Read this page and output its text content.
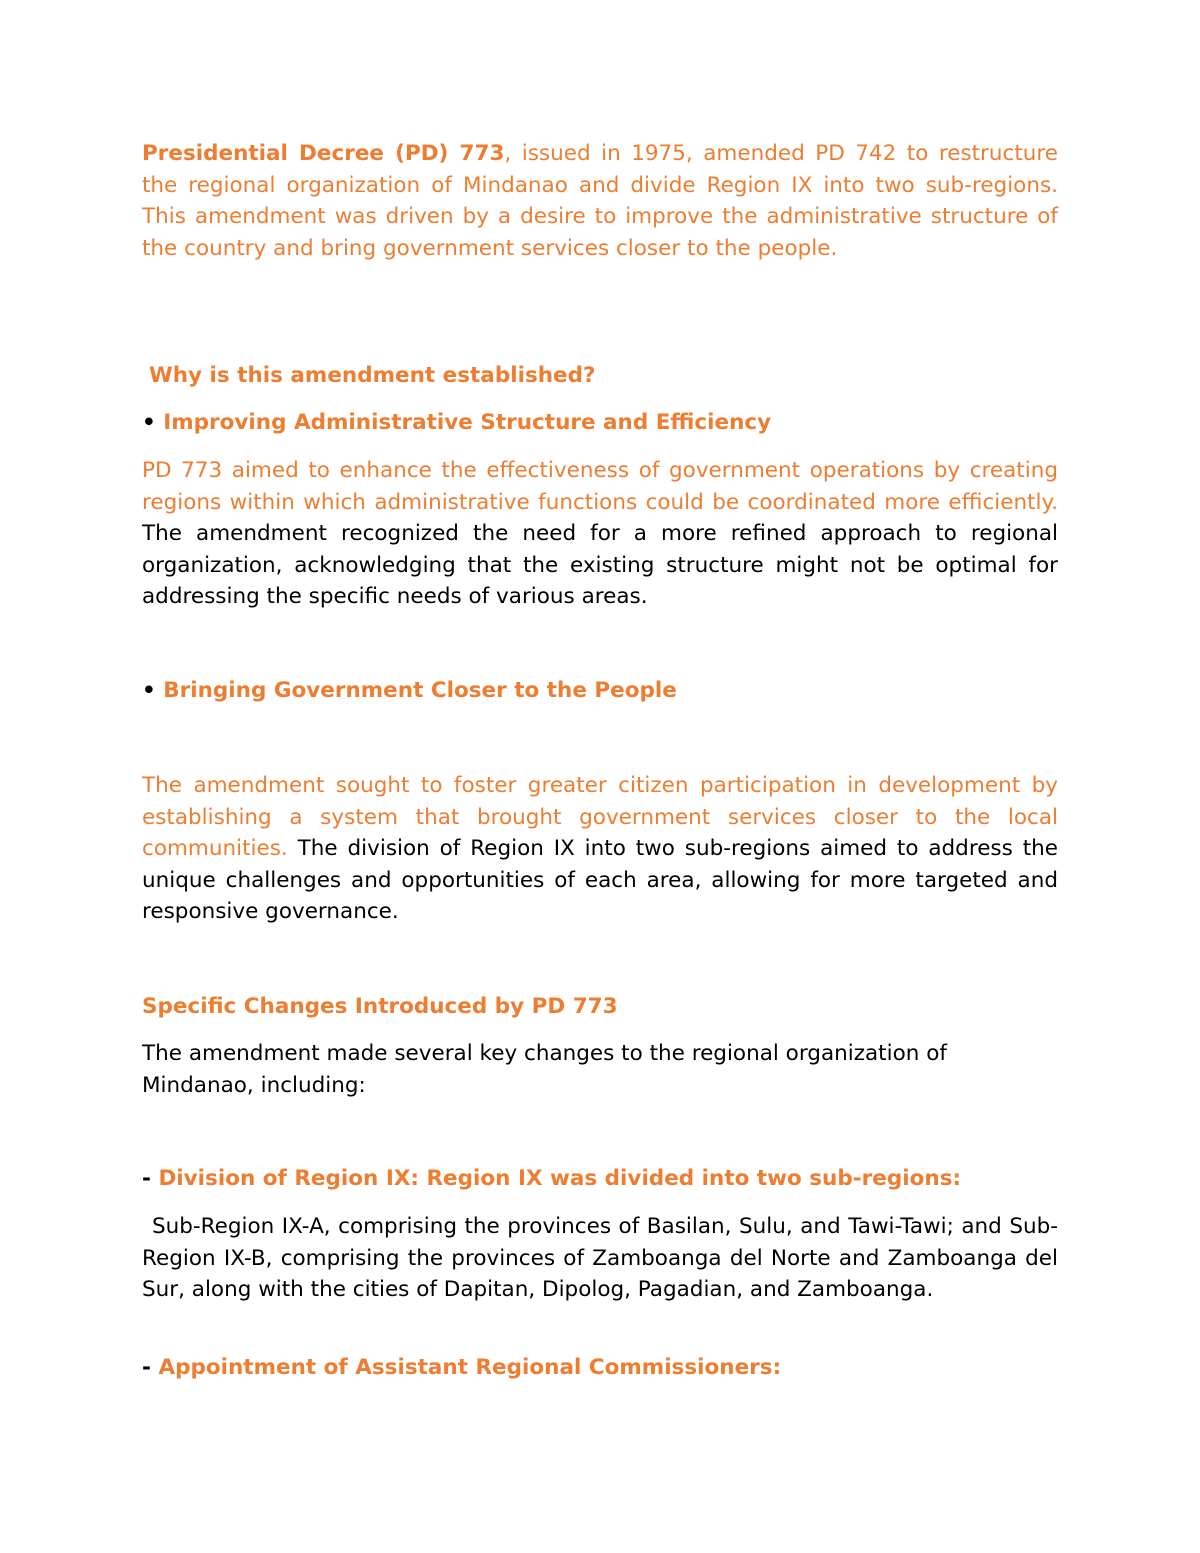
Presidential Decree (PD) 773, issued in 1975, amended PD 742 to restructure the regional organization of Mindanao and divide Region IX into two sub-regions. This amendment was driven by a desire to improve the administrative structure of the country and bring government services closer to the people.

Why is this amendment established?

• Improving Administrative Structure and Efficiency

PD 773 aimed to enhance the effectiveness of government operations by creating regions within which administrative functions could be coordinated more efficiently. The amendment recognized the need for a more refined approach to regional organization, acknowledging that the existing structure might not be optimal for addressing the specific needs of various areas.

• Bringing Government Closer to the People

The amendment sought to foster greater citizen participation in development by establishing a system that brought government services closer to the local communities. The division of Region IX into two sub-regions aimed to address the unique challenges and opportunities of each area, allowing for more targeted and responsive governance.

Specific Changes Introduced by PD 773

The amendment made several key changes to the regional organization of Mindanao, including:

- Division of Region IX: Region IX was divided into two sub-regions:

Sub-Region IX-A, comprising the provinces of Basilan, Sulu, and Tawi-Tawi; and Sub-Region IX-B, comprising the provinces of Zamboanga del Norte and Zamboanga del Sur, along with the cities of Dapitan, Dipolog, Pagadian, and Zamboanga.

- Appointment of Assistant Regional Commissioners:
